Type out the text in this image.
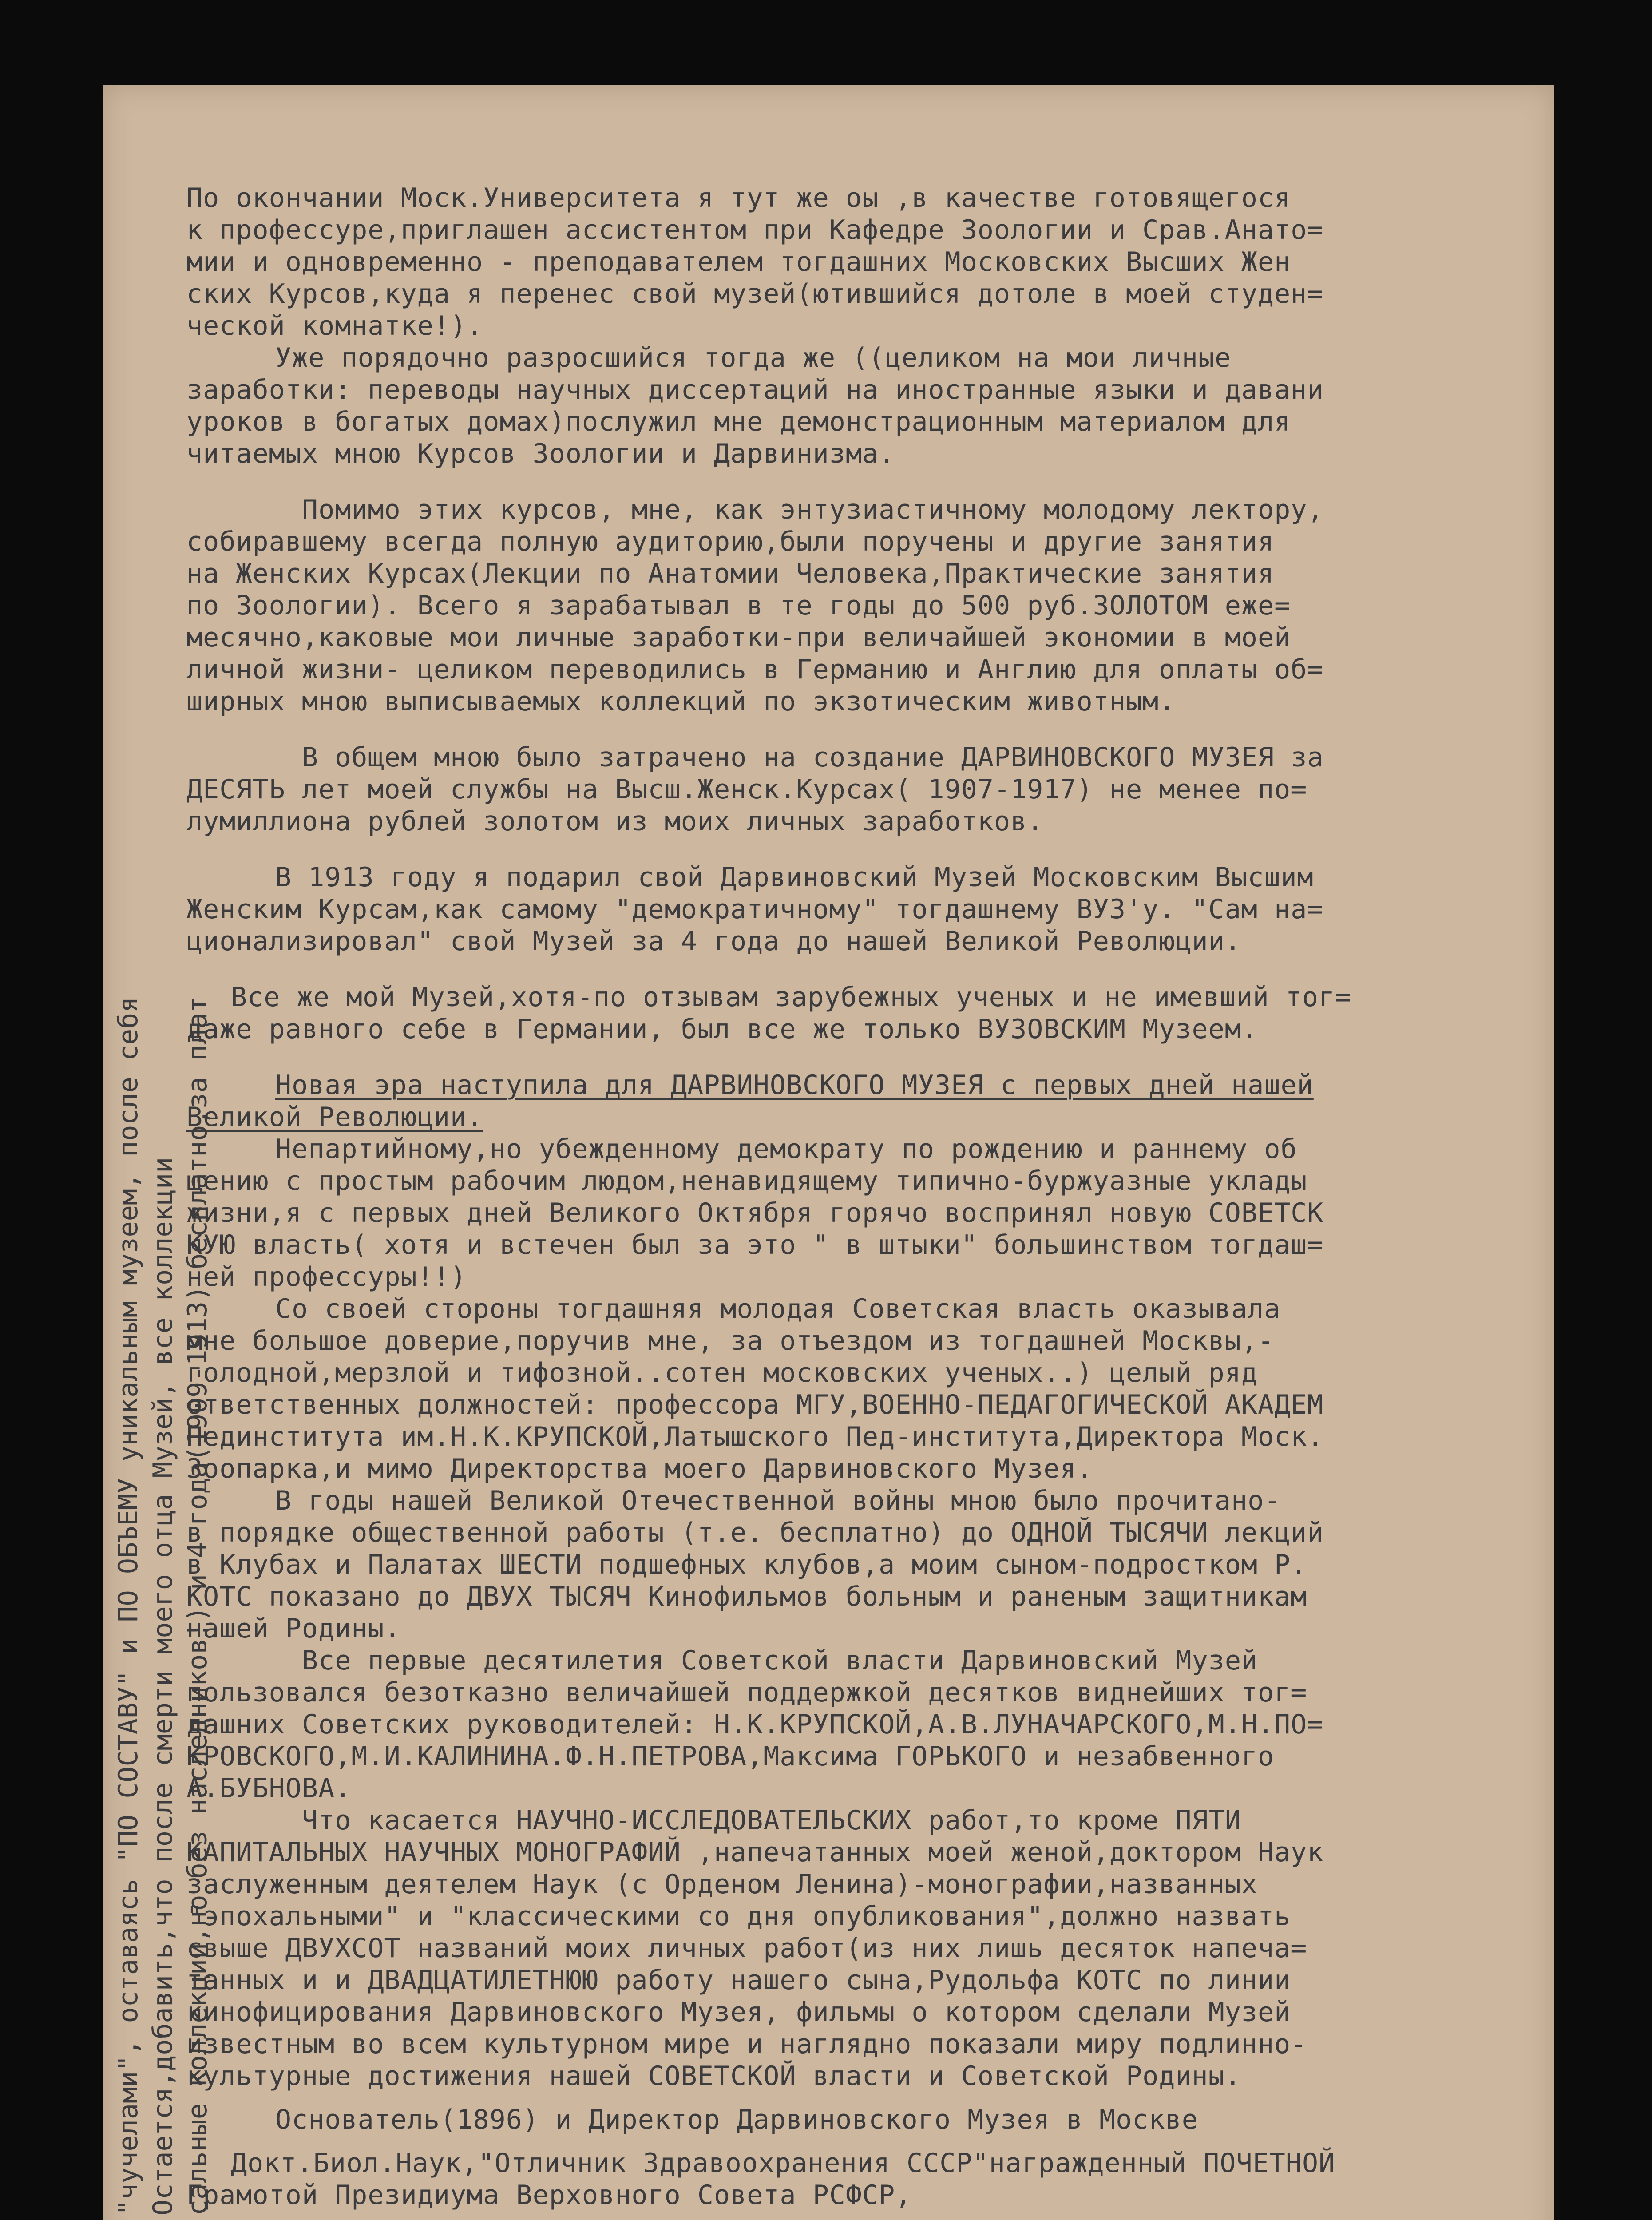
"чучелами", оставаясь "ПО СОСТАВУ" и ПО ОБЪЕМУ уникальным музеем, после себя Остается,добавить,что после смерти моего отца Музей, все коллекции сальные коллекции,но без наследников!) и 4 года(1909-1913) бесплатно,за плат
По окончании Моск.Университета я тут же оы ,в качестве готовящегося
к профессуре,приглашен ассистентом при Кафедре Зоологии и Срав.Анато=
мии и одновременно - преподавателем тогдашних Московских Высших Жен
ских Курсов,куда я перенес свой музей(ютившийся дотоле в моей студен=
ческой комнатке!).
Уже порядочно разросшийся тогда же ((целиком на мои личные
заработки: переводы научных диссертаций на иностранные языки и давани
уроков в богатых домах)послужил мне демонстрационным материалом для
читаемых мною Курсов Зоологии и Дарвинизма.
Помимо этих курсов, мне, как энтузиастичному молодому лектору,
собиравшему всегда полную аудиторию,были поручены и другие занятия
на Женских Курсах(Лекции по Анатомии Человека,Практические занятия
по Зоологии). Всего я зарабатывал в те годы до 500 руб.ЗОЛОТОМ еже=
месячно,каковые мои личные заработки-при величайшей экономии в моей
личной жизни- целиком переводились в Германию и Англию для оплаты об=
ширных мною выписываемых коллекций по экзотическим животным.
В общем мною было затрачено на создание ДАРВИНОВСКОГО МУЗЕЯ за
ДЕСЯТЬ лет моей службы на Высш.Женск.Курсах( 1907-1917) не менее по=
лумиллиона рублей золотом из моих личных заработков.
В 1913 году я подарил свой Дарвиновский Музей Московским Высшим
Женским Курсам,как самому "демократичному" тогдашнему ВУЗ'у. "Сам на=
ционализировал" свой Музей за 4 года до нашей Великой Революции.
Все же мой Музей,хотя-по отзывам зарубежных ученых и не имевший тог=
даже равного себе в Германии, был все же только ВУЗОВСКИМ Музеем.
Новая эра наступила для ДАРВИНОВСКОГО МУЗЕЯ с первых дней нашей
Великой Революции.
Непартийному,но убежденному демократу по рождению и раннему об
щению с простым рабочим людом,ненавидящему типично-буржуазные уклады
жизни,я с первых дней Великого Октября горячо воспринял новую СОВЕТСК
КУЮ власть( хотя и встечен был за это " в штыки" большинством тогдаш=
ней профессуры!!)
Со своей стороны тогдашняя молодая Советская власть оказывала
мне большое доверие,поручив мне, за отъездом из тогдашней Москвы,-
голодной,мерзлой и тифозной..сотен московских ученых..) целый ряд
ответственных должностей: профессора МГУ,ВОЕННО-ПЕДАГОГИЧЕСКОЙ АКАДЕМ
Пединститута им.Н.К.КРУПСКОЙ,Латышского Пед-института,Директора Моск.
Зоопарка,и мимо Директорства моего Дарвиновского Музея.
В годы нашей Великой Отечественной войны мною было прочитано-
в порядке общественной работы (т.е. бесплатно) до ОДНОЙ ТЫСЯЧИ лекций
в Клубах и Палатах ШЕСТИ подшефных клубов,а моим сыном-подростком Р.
КОТС показано до ДВУХ ТЫСЯЧ Кинофильмов больным и раненым защитникам
нашей Родины.
Все первые десятилетия Советской власти Дарвиновский Музей
пользовался безотказно величайшей поддержкой десятков виднейших тог=
дашних Советских руководителей: Н.К.КРУПСКОЙ,А.В.ЛУНАЧАРСКОГО,М.Н.ПО=
КРОВСКОГО,М.И.КАЛИНИНА.Ф.Н.ПЕТРОВА,Максима ГОРЬКОГО и незабвенного
А.БУБНОВА.
Что касается НАУЧНО-ИССЛЕДОВАТЕЛЬСКИХ работ,то кроме ПЯТИ
КАПИТАЛЬНЫХ НАУЧНЫХ МОНОГРАФИЙ ,напечатанных моей женой,доктором Наук
заслуженным деятелем Наук (с Орденом Ленина)-монографии,названных
"эпохальными" и "классическими со дня опубликования",должно назвать
свыше ДВУХСОТ названий моих личных работ(из них лишь десяток напеча=
танных и и ДВАДЦАТИЛЕТНЮЮ работу нашего сына,Рудольфа КОТС по линии
кинофицирования Дарвиновского Музея, фильмы о котором сделали Музей
известным во всем культурном мире и наглядно показали миру подлинно-
культурные достижения нашей СОВЕТСКОЙ власти и Советской Родины.
Основатель(1896) и Директор Дарвиновского Музея в Москве
Докт.Биол.Наук,"Отличник Здравоохранения СССР"награжденный ПОЧЕТНОЙ
Грамотой Президиума Верховного Совета РСФСР,
